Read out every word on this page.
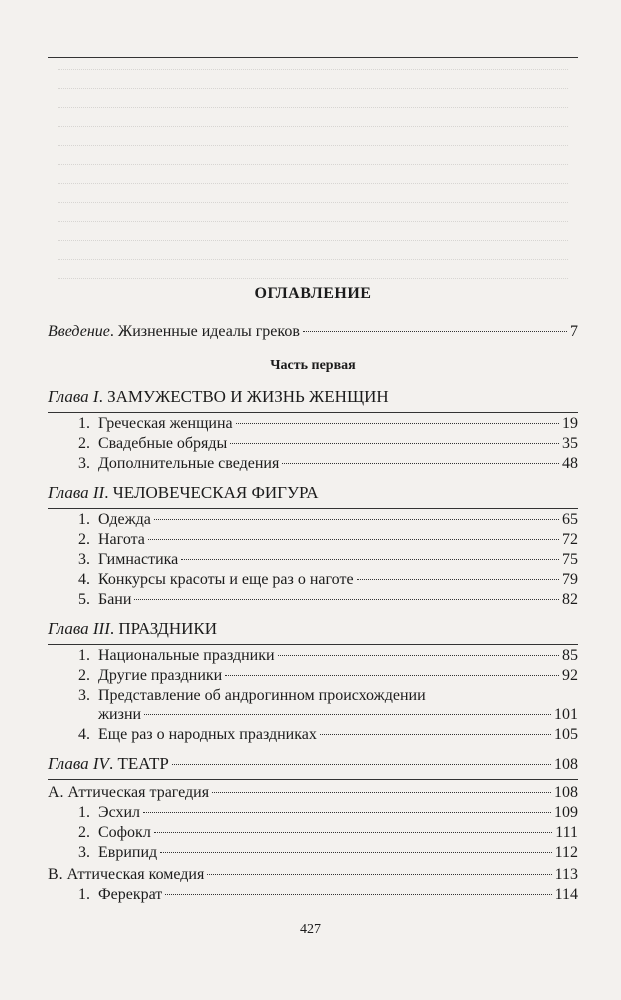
ОГЛАВЛЕНИЕ
Введение. Жизненные идеалы греков	7
Часть первая
Глава I. ЗАМУЖЕСТВО И ЖИЗНЬ ЖЕНЩИН
1. Греческая женщина	19
2. Свадебные обряды	35
3. Дополнительные сведения	48
Глава II. ЧЕЛОВЕЧЕСКАЯ ФИГУРА
1. Одежда	65
2. Нагота	72
3. Гимнастика	75
4. Конкурсы красоты и еще раз о наготе	79
5. Бани	82
Глава III. ПРАЗДНИКИ
1. Национальные праздники	85
2. Другие праздники	92
3. Представление об андрогинном происхождении
жизни	101
4. Еще раз о народных праздниках	105
Глава IV. ТЕАТР	108
А. Аттическая трагедия	108
1. Эсхил	109
2. Софокл	111
3. Еврипид	112
В. Аттическая комедия	113
1. Ферекрат	114
427
